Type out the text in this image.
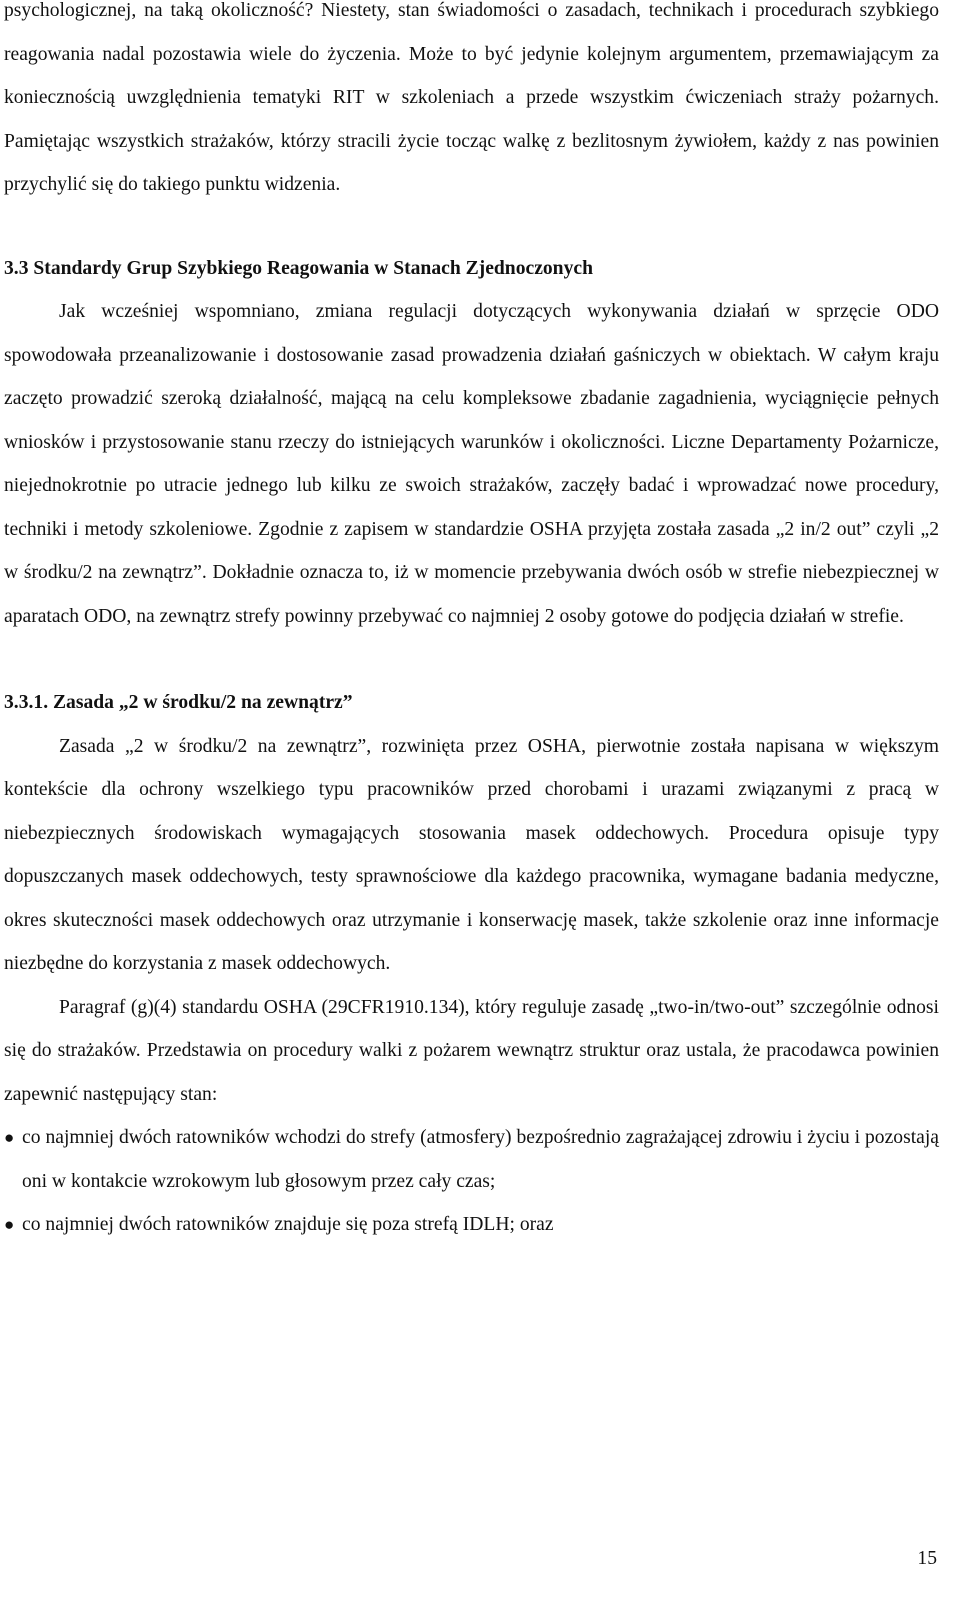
psychologicznej, na taką okoliczność? Niestety, stan świadomości o zasadach, technikach i procedurach szybkiego reagowania nadal pozostawia wiele do życzenia. Może to być jedynie kolejnym argumentem, przemawiającym za koniecznością uwzględnienia tematyki RIT w szkoleniach a przede wszystkim ćwiczeniach straży pożarnych. Pamiętając wszystkich strażaków, którzy stracili życie tocząc walkę z bezlitosnym żywiołem, każdy z nas powinien przychylić się do takiego punktu widzenia.

3.3 Standardy Grup Szybkiego Reagowania w Stanach Zjednoczonych

Jak wcześniej wspomniano, zmiana regulacji dotyczących wykonywania działań w sprzęcie ODO spowodowała przeanalizowanie i dostosowanie zasad prowadzenia działań gaśniczych w obiektach. W całym kraju zaczęto prowadzić szeroką działalność, mającą na celu kompleksowe zbadanie zagadnienia, wyciągnięcie pełnych wniosków i przystosowanie stanu rzeczy do istniejących warunków i okoliczności. Liczne Departamenty Pożarnicze, niejednokrotnie po utracie jednego lub kilku ze swoich strażaków, zaczęły badać i wprowadzać nowe procedury, techniki i metody szkoleniowe. Zgodnie z zapisem w standardzie OSHA przyjęta została zasada „2 in/2 out” czyli „2 w środku/2 na zewnątrz”. Dokładnie oznacza to, iż w momencie przebywania dwóch osób w strefie niebezpiecznej w aparatach ODO, na zewnątrz strefy powinny przebywać co najmniej 2 osoby gotowe do podjęcia działań w strefie.

3.3.1. Zasada „2 w środku/2 na zewnątrz”

Zasada „2 w środku/2 na zewnątrz”, rozwinięta przez OSHA, pierwotnie została napisana w większym kontekście dla ochrony wszelkiego typu pracowników przed chorobami i urazami związanymi z pracą w niebezpiecznych środowiskach wymagających stosowania masek oddechowych. Procedura opisuje typy dopuszczanych masek oddechowych, testy sprawnościowe dla każdego pracownika, wymagane badania medyczne, okres skuteczności masek oddechowych oraz utrzymanie i konserwację masek, także szkolenie oraz inne informacje niezbędne do korzystania z masek oddechowych.

Paragraf (g)(4) standardu OSHA (29CFR1910.134), który reguluje zasadę „two-in/two-out” szczególnie odnosi się do strażaków. Przedstawia on procedury walki z pożarem wewnątrz struktur oraz ustala, że pracodawca powinien zapewnić następujący stan:

● co najmniej dwóch ratowników wchodzi do strefy (atmosfery) bezpośrednio zagrażającej zdrowiu i życiu i pozostają oni w kontakcie wzrokowym lub głosowym przez cały czas;
● co najmniej dwóch ratowników znajduje się poza strefą IDLH; oraz
15
